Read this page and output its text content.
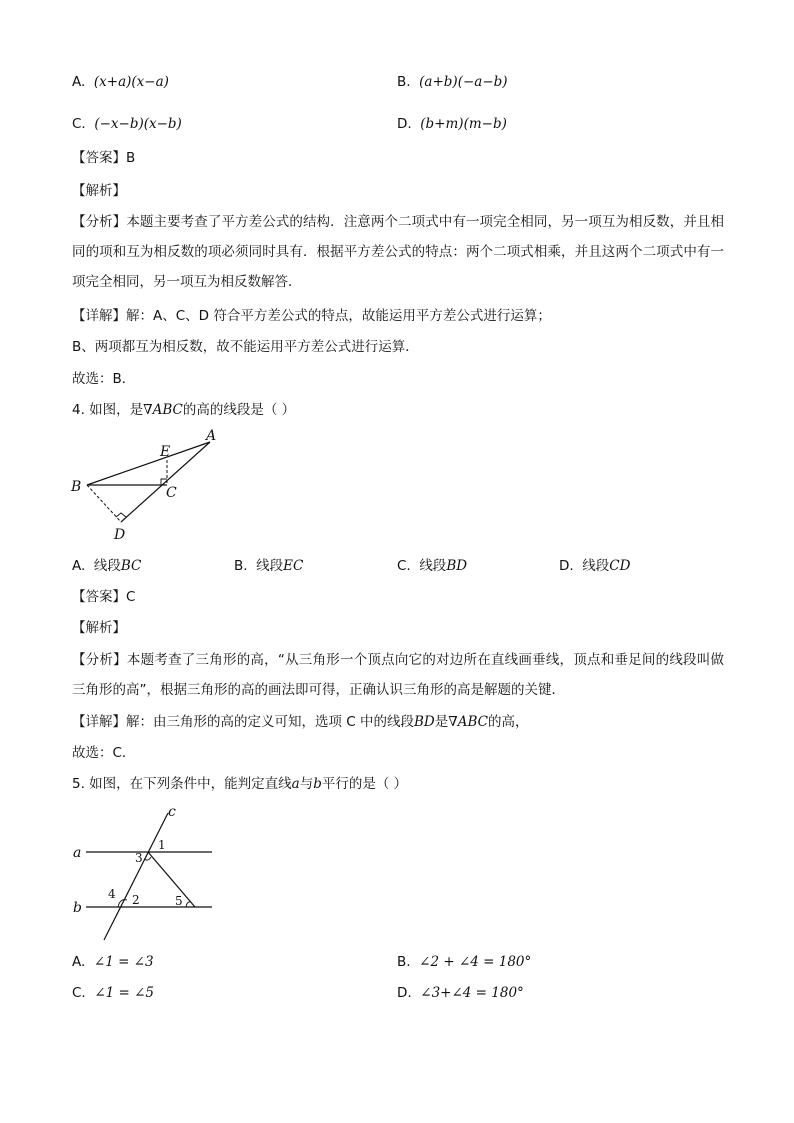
A. (x+a)(x−a)	B. (a+b)(−a−b)
C. (−x−b)(x−b)	D. (b+m)(m−b)
【答案】B
【解析】
【分析】本题主要考查了平方差公式的结构．注意两个二项式中有一项完全相同，另一项互为相反数，并且相同的项和互为相反数的项必须同时具有．根据平方差公式的特点：两个二项式相乘，并且这两个二项式中有一项完全相同，另一项互为相反数解答．
【详解】解：A、C、D 符合平方差公式的特点，故能运用平方差公式进行运算；
B、两项都互为相反数，故不能运用平方差公式进行运算．
故选：B．
4. 如图，是∇ABC的高的线段是（ ）
A
B	C
D
E
A. 线段BC	B. 线段EC	C. 线段BD	D. 线段CD
【答案】C
【解析】
【分析】本题考查了三角形的高，“从三角形一个顶点向它的对边所在直线画垂线，顶点和垂足间的线段叫做三角形的高”，根据三角形的高的画法即可得，正确认识三角形的高是解题的关键．
【详解】解：由三角形的高的定义可知，选项 C 中的线段BD是∇ABC的高，
故选：C．
5. 如图，在下列条件中，能判定直线a与b平行的是（ ）
a
b
c
1
2
3
4	5
A. ∠1 = ∠3	B. ∠2 + ∠4 = 180°
C. ∠1 = ∠5	D. ∠3+∠4 = 180°
